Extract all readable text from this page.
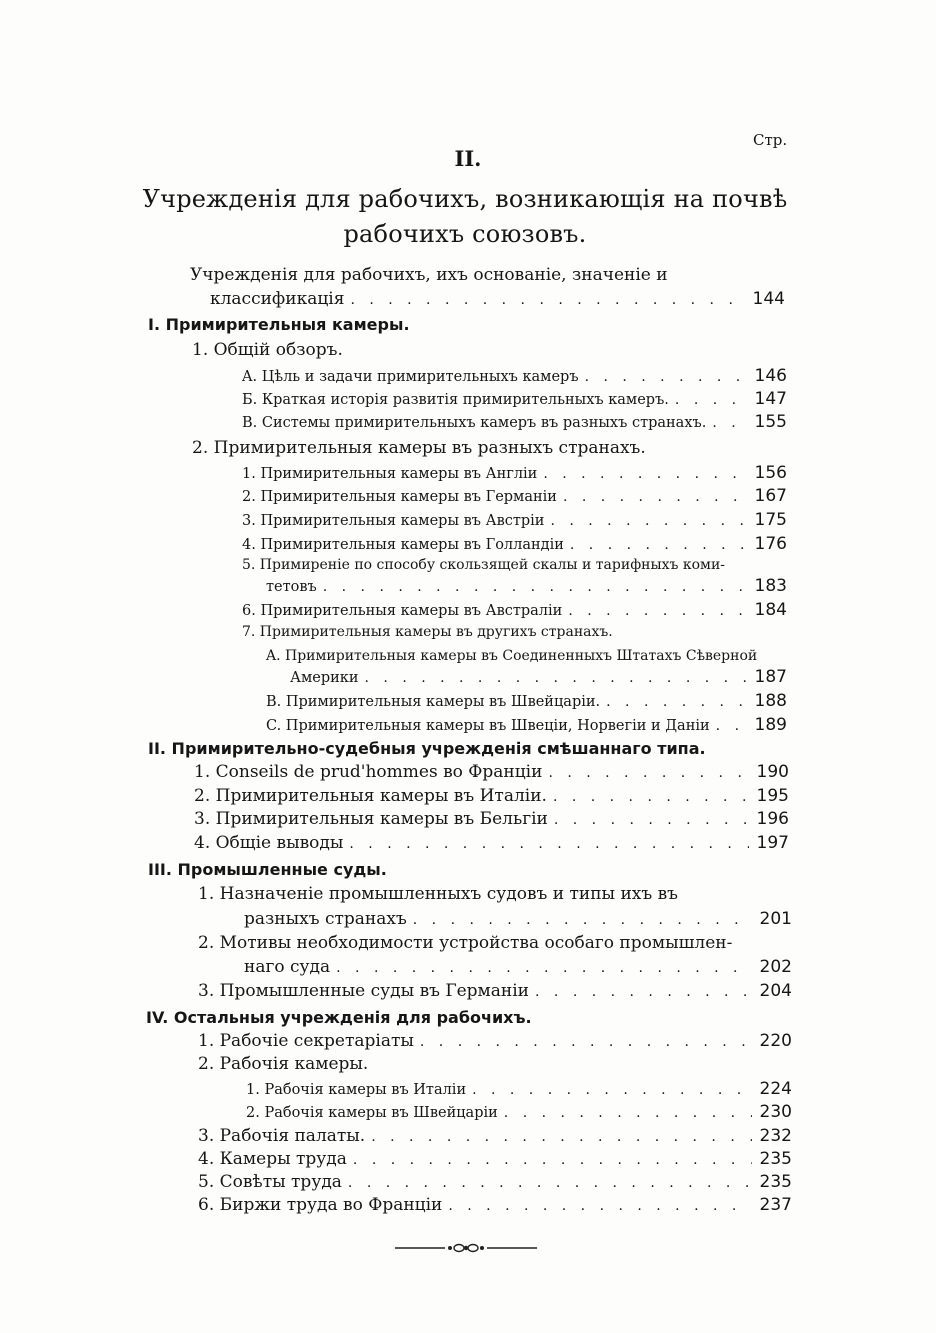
Стр.
II.
Учрежденія для рабочихъ, возникающія на почвѣ
рабочихъ союзовъ.
Учрежденія для рабочихъ, ихъ основаніе, значеніе и
классификація . . .	144
I. Примирительныя камеры.
1. Общій обзоръ.
A. Цѣль и задачи примирительныхъ камеръ . . .	146
Б. Краткая исторія развитія примирительныхъ камеръ. . . .	147
В. Системы примирительныхъ камеръ въ разныхъ странахъ. . . .	155
2. Примирительныя камеры въ разныхъ странахъ.
1. Примирительныя камеры въ Англіи . . .	156
2. Примирительныя камеры въ Германіи . . .	167
3. Примирительныя камеры въ Австріи . . .	175
4. Примирительныя камеры въ Голландіи . . .	176
5. Примиреніе по способу скользящей скалы и тарифныхъ коми-
тетовъ . . .	183
6. Примирительныя камеры въ Австраліи . . .	184
7. Примирительныя камеры въ другихъ странахъ.
A. Примирительныя камеры въ Соединенныхъ Штатахъ Сѣверной
Америки . . .	187
B. Примирительныя камеры въ Швейцаріи. . . .	188
C. Примирительныя камеры въ Швеціи, Норвегіи и Даніи . . .	189
II. Примирительно-судебныя учрежденія смѣшаннаго типа.
1. Conseils de prud'hommes во Франціи . . .	190
2. Примирительныя камеры въ Италіи. . . .	195
3. Примирительныя камеры въ Бельгіи . . .	196
4. Общіе выводы . . .	197
III. Промышленные суды.
1. Назначеніе промышленныхъ судовъ и типы ихъ въ
разныхъ странахъ . . .	201
2. Мотивы необходимости устройства особаго промышлен-
наго суда . . .	202
3. Промышленные суды въ Германіи . . .	204
IV. Остальныя учрежденія для рабочихъ.
1. Рабочіе секретаріаты . . .	220
2. Рабочія камеры.
1. Рабочія камеры въ Италіи . . .	224
2. Рабочія камеры въ Швейцаріи . . .	230
3. Рабочія палаты. . . .	232
4. Камеры труда . . .	235
5. Совѣты труда . . .	235
6. Биржи труда во Франціи . . .	237
